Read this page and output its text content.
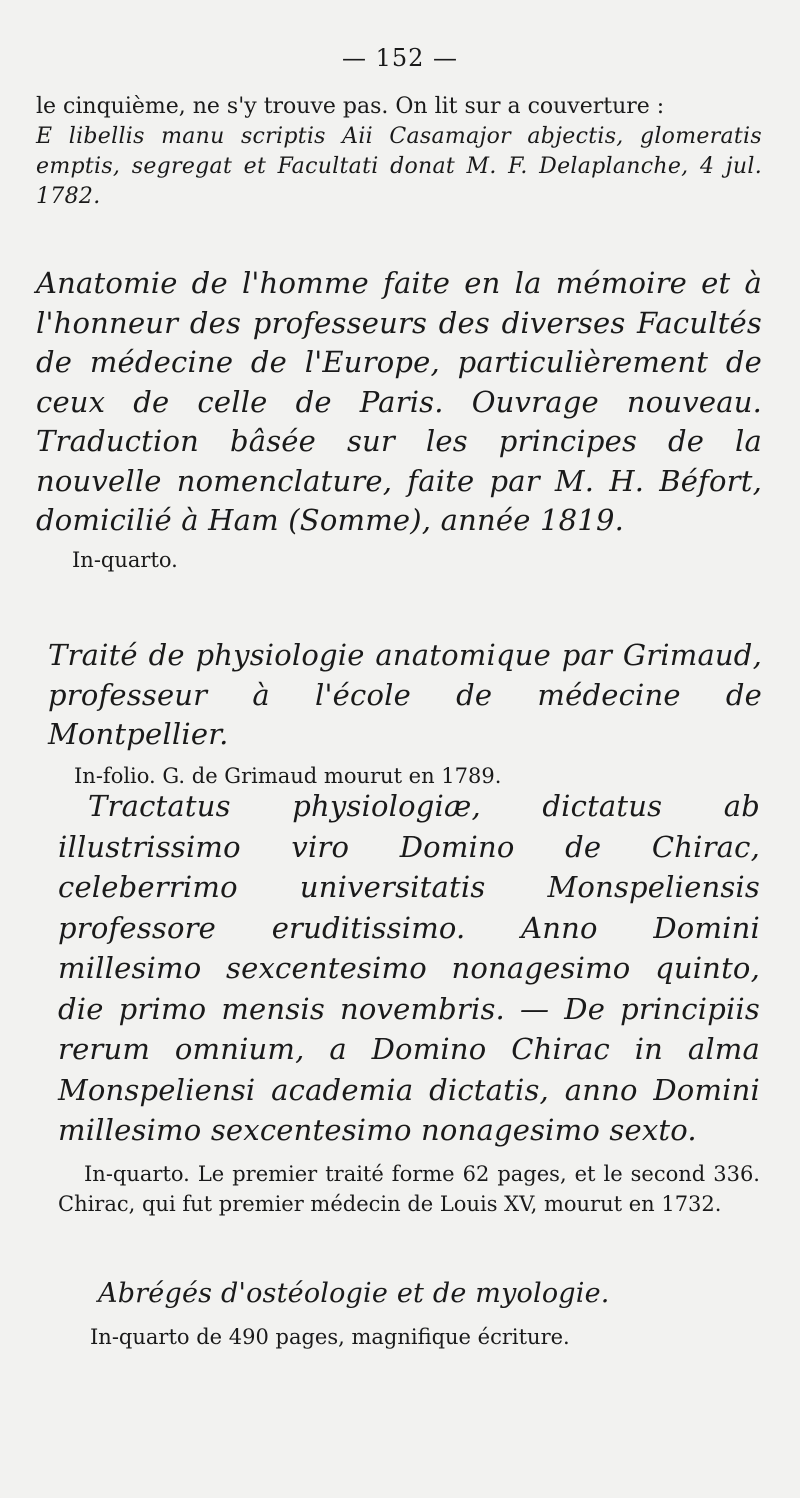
— 152 —

le cinquième, ne s'y trouve pas. On lit sur a couverture :

E libellis manu scriptis Aii Casamajor abjectis, glomeratis emptis, segregat et Facultati donat M. F. Delaplanche, 4 jul. 1782.

Anatomie de l'homme faite en la mémoire et à l'honneur des professeurs des diverses Facultés de médecine de l'Europe, particulièrement de ceux de celle de Paris. Ouvrage nouveau. Traduction bâsée sur les principes de la nouvelle nomenclature, faite par M. H. Béfort, domicilié à Ham (Somme), année 1819.

In-quarto.

Traité de physiologie anatomique par Grimaud, professeur à l'école de médecine de Montpellier.

In-folio. G. de Grimaud mourut en 1789.

Tractatus physiologiæ, dictatus ab illustrissimo viro Domino de Chirac, celeberrimo universitatis Monspeliensis professore eruditissimo. Anno Domini millesimo sexcentesimo nonagesimo quinto, die primo mensis novembris. — De principiis rerum omnium, a Domino Chirac in alma Monspeliensi academia dictatis, anno Domini millesimo sexcentesimo nonagesimo sexto.

In-quarto. Le premier traité forme 62 pages, et le second 336. Chirac, qui fut premier médecin de Louis XV, mourut en 1732.

Abrégés d'ostéologie et de myologie.

In-quarto de 490 pages, magnifique écriture.
